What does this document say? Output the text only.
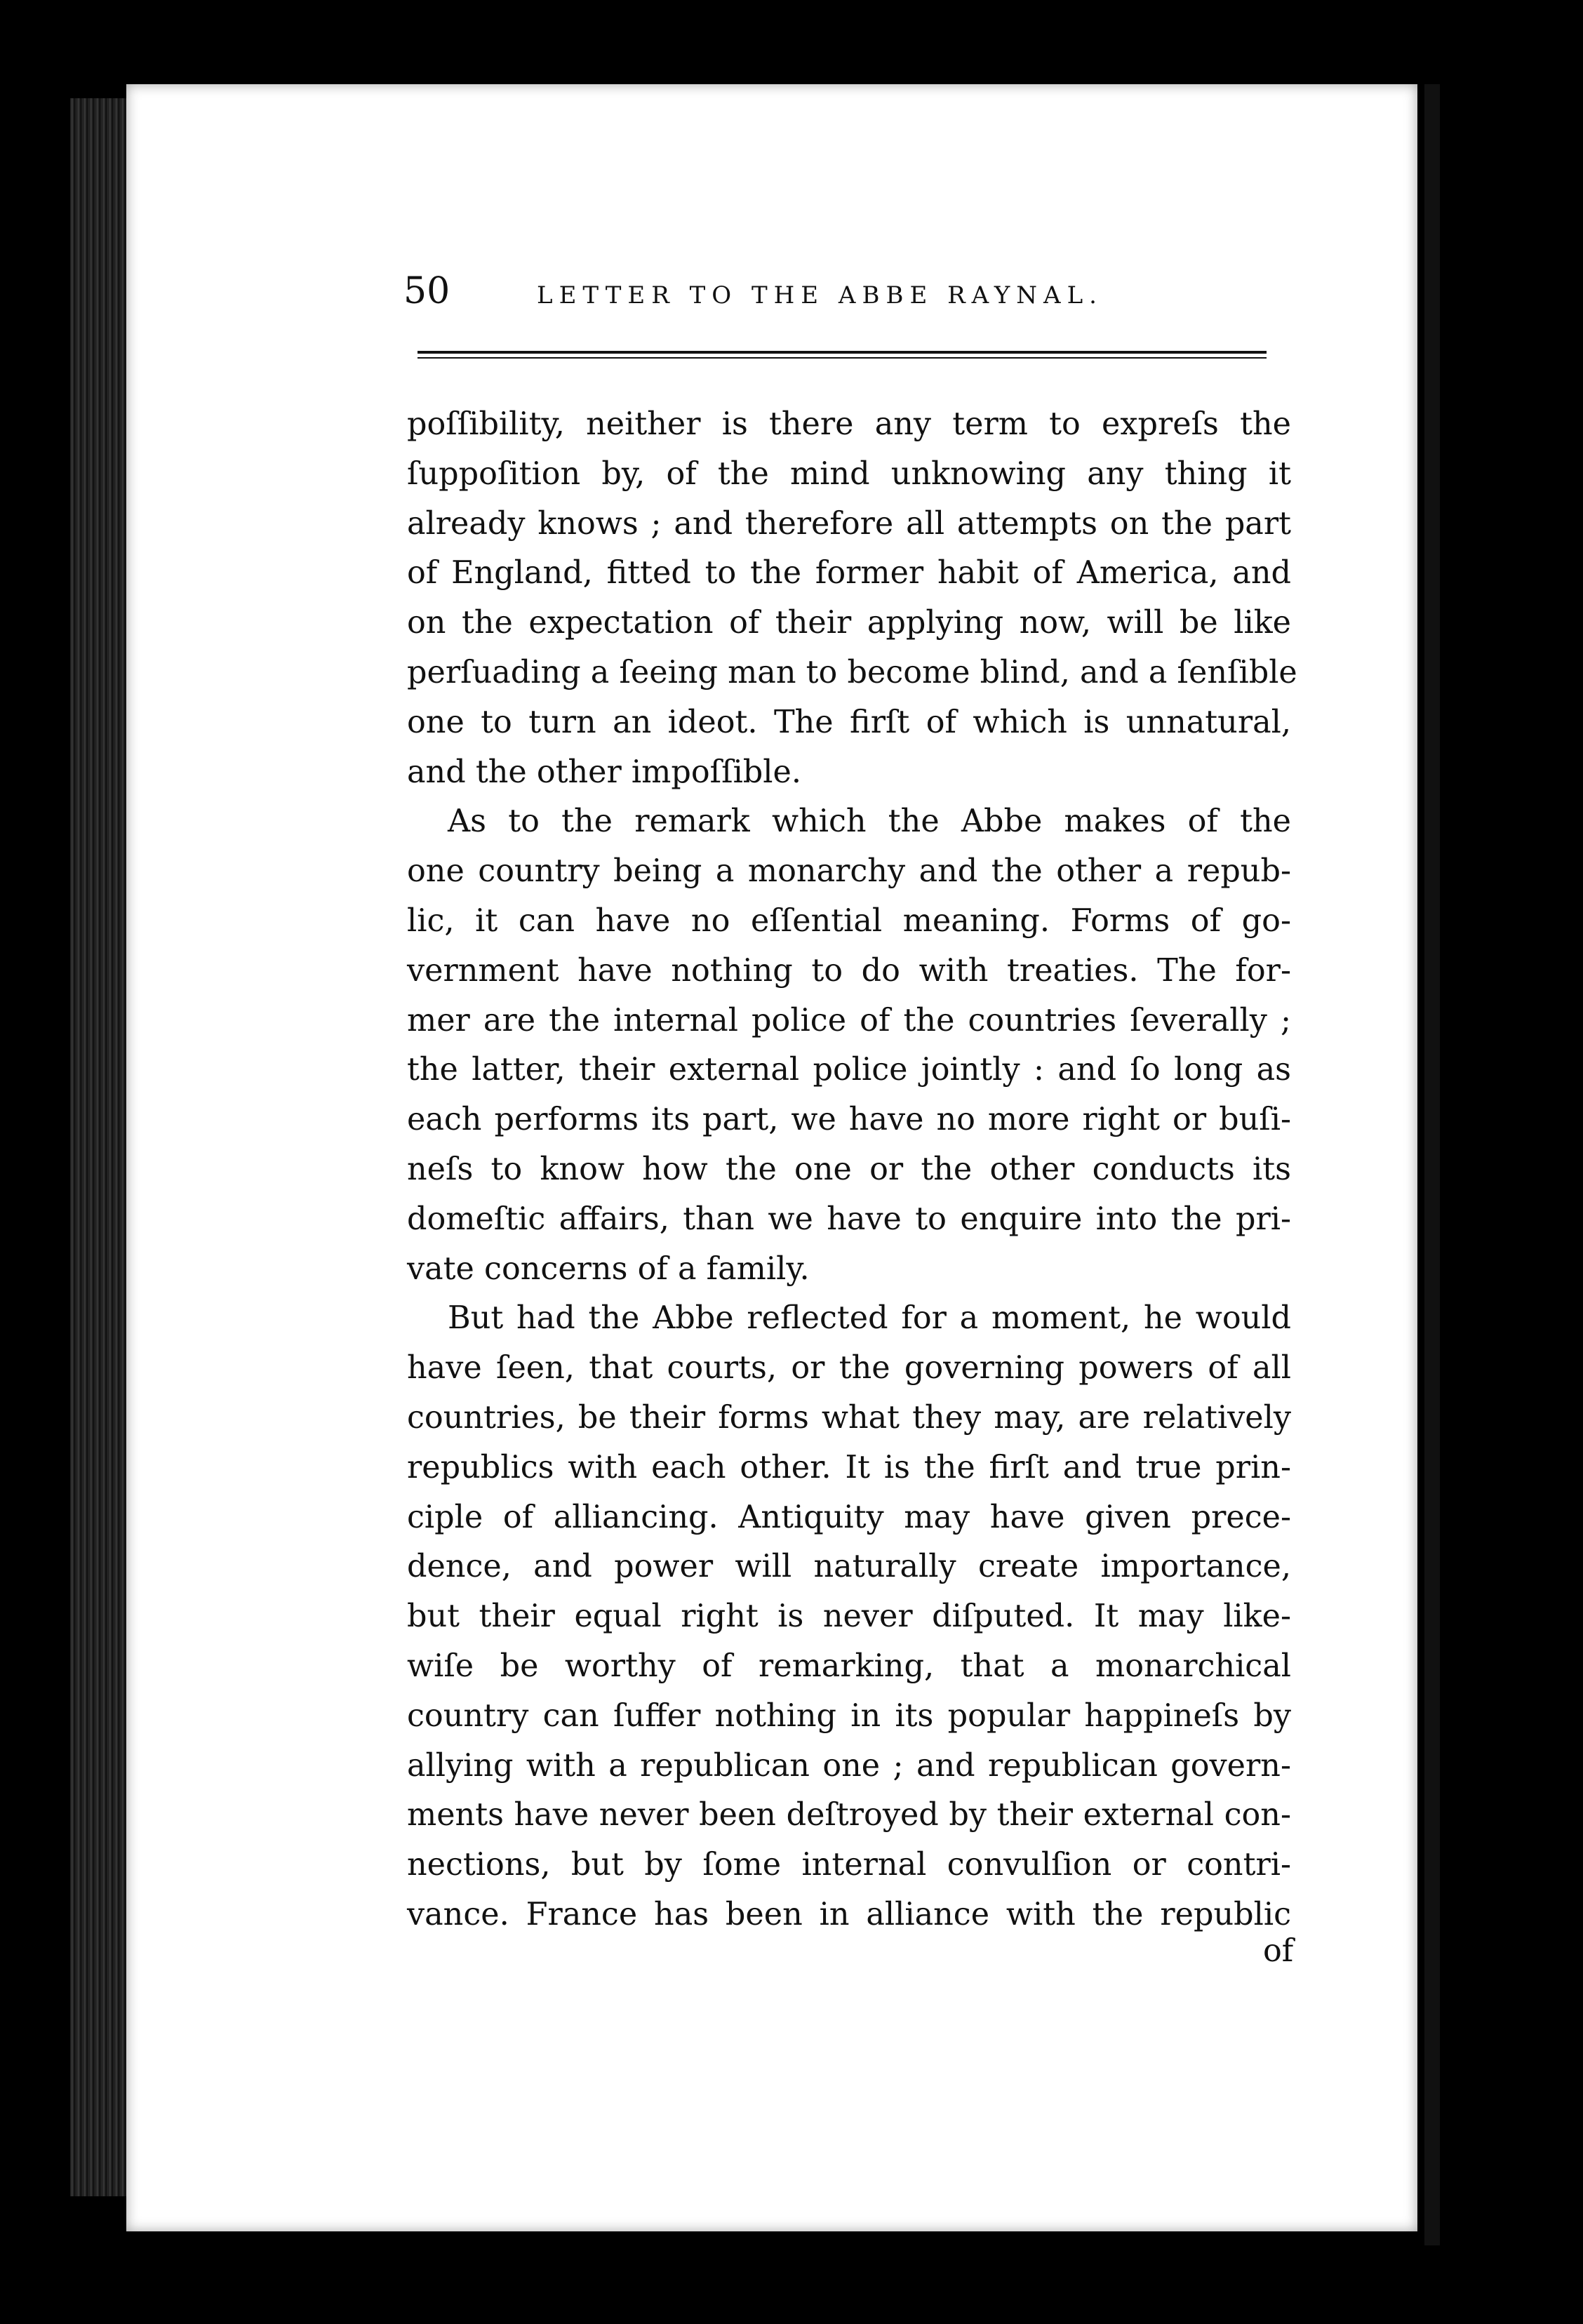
50	LETTER TO THE ABBE RAYNAL.
poſſibility, neither is there any term to expreſs the
ſuppoſition by, of the mind unknowing any thing it
already knows ; and therefore all attempts on the part
of England, fitted to the former habit of America, and
on the expectation of their applying now, will be like
perſuading a ſeeing man to become blind, and a ſenſible
one to turn an ideot. The firſt of which is unnatural,
and the other impoſſible.
As to the remark which the Abbe makes of the
one country being a monarchy and the other a repub-
lic, it can have no eſſential meaning. Forms of go-
vernment have nothing to do with treaties. The for-
mer are the internal police of the countries ſeverally ;
the latter, their external police jointly : and ſo long as
each performs its part, we have no more right or buſi-
neſs to know how the one or the other conducts its
domeſtic affairs, than we have to enquire into the pri-
vate concerns of a family.
But had the Abbe reflected for a moment, he would
have ſeen, that courts, or the governing powers of all
countries, be their forms what they may, are relatively
republics with each other. It is the firſt and true prin-
ciple of alliancing. Antiquity may have given prece-
dence, and power will naturally create importance,
but their equal right is never diſputed. It may like-
wiſe be worthy of remarking, that a monarchical
country can ſuffer nothing in its popular happineſs by
allying with a republican one ; and republican govern-
ments have never been deſtroyed by their external con-
nections, but by ſome internal convulſion or contri-
vance. France has been in alliance with the republic
of
